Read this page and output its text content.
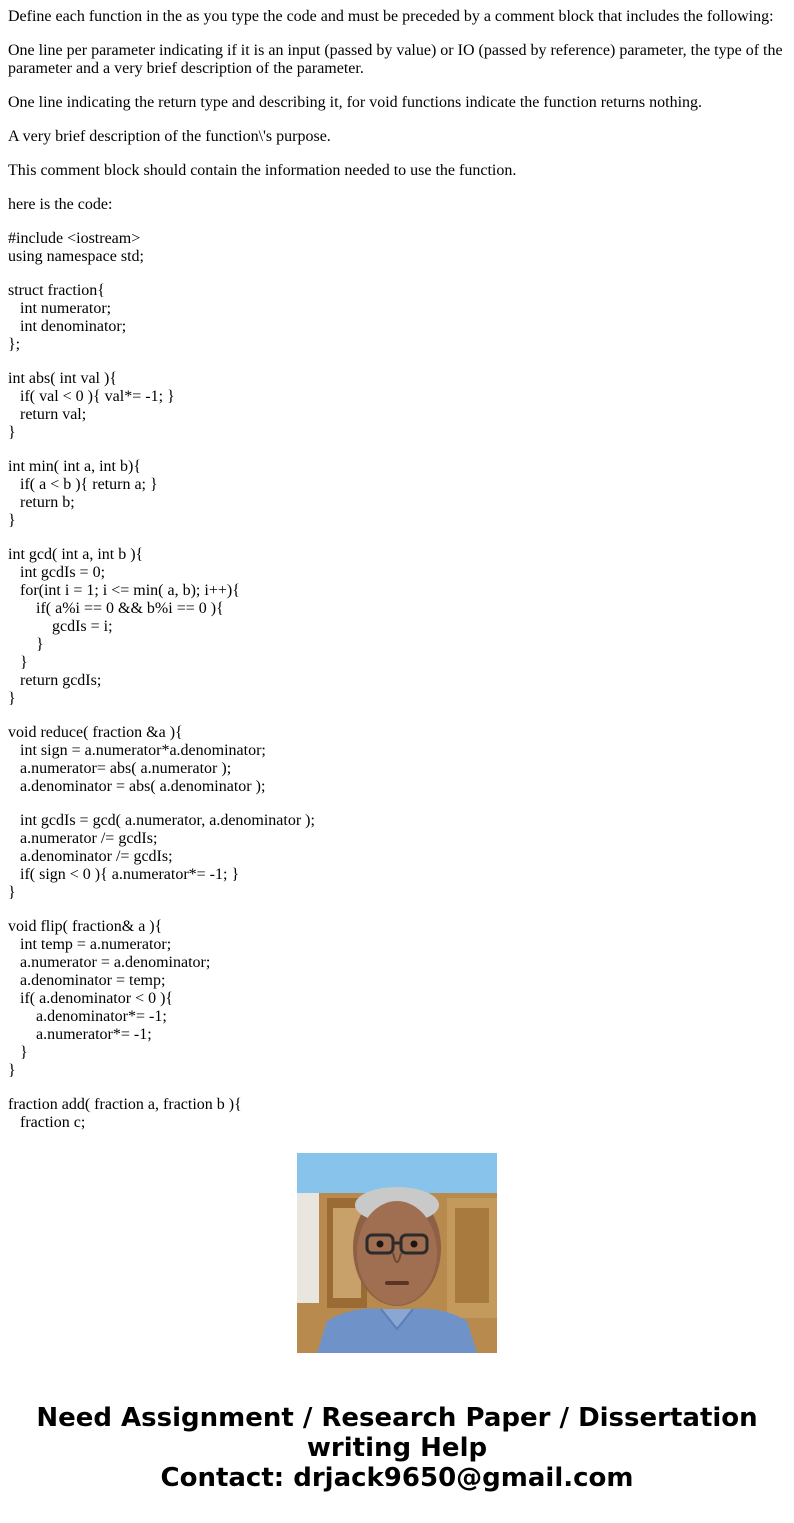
Define each function in the as you type the code and must be preceded by a comment block that includes the following:

One line per parameter indicating if it is an input (passed by value) or IO (passed by reference) parameter, the type of the parameter and a very brief description of the parameter.

One line indicating the return type and describing it, for void functions indicate the function returns nothing.

A very brief description of the function\'s purpose.

This comment block should contain the information needed to use the function.

here is the code:

#include <iostream>
using namespace std;
struct fraction{
int numerator;
int denominator;
};
int abs( int val ){
if( val < 0 ){ val*= -1; }
return val;
}
int min( int a, int b){
if( a < b ){ return a; }
return b;
}
int gcd( int a, int b ){
int gcdIs = 0;
for(int i = 1; i <= min( a, b); i++){
if( a%i == 0 && b%i == 0 ){
gcdIs = i;
}
}
return gcdIs;
}
void reduce( fraction &a ){
int sign = a.numerator*a.denominator;
a.numerator= abs( a.numerator );
a.denominator = abs( a.denominator );
int gcdIs = gcd( a.numerator, a.denominator );
a.numerator /= gcdIs;
a.denominator /= gcdIs;
if( sign < 0 ){ a.numerator*= -1; }
}
void flip( fraction& a ){
int temp = a.numerator;
a.numerator = a.denominator;
a.denominator = temp;
if( a.denominator < 0 ){
a.denominator*= -1;
a.numerator*= -1;
}
}
fraction add( fraction a, fraction b ){
fraction c;
Need Assignment / Research Paper / Dissertation
writing Help
Contact: drjack9650@gmail.com
